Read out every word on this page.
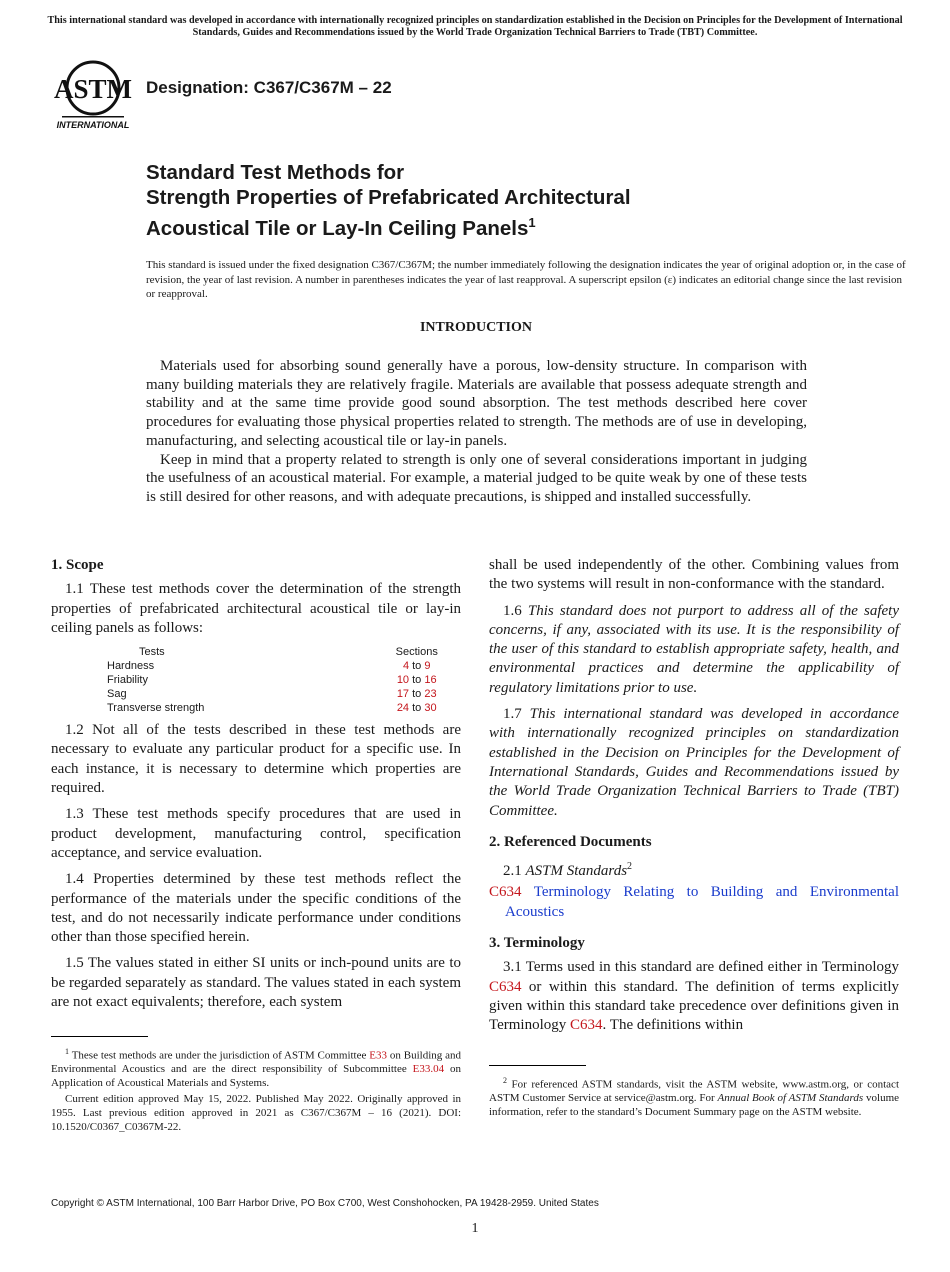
This international standard was developed in accordance with internationally recognized principles on standardization established in the Decision on Principles for the Development of International Standards, Guides and Recommendations issued by the World Trade Organization Technical Barriers to Trade (TBT) Committee.
ASTM
INTERNATIONAL
Designation: C367/C367M – 22
Standard Test Methods for
Strength Properties of Prefabricated Architectural
Acoustical Tile or Lay-In Ceiling Panels$^1$
This standard is issued under the fixed designation C367/C367M; the number immediately following the designation indicates the year of original adoption or, in the case of revision, the year of last revision. A number in parentheses indicates the year of last reapproval. A superscript epsilon (ε) indicates an editorial change since the last revision or reapproval.
INTRODUCTION

Materials used for absorbing sound generally have a porous, low-density structure. In comparison with many building materials they are relatively fragile. Materials are available that possess adequate strength and stability and at the same time provide good sound absorption. The test methods described here cover procedures for evaluating those physical properties related to strength. The methods are of use in developing, manufacturing, and selecting acoustical tile or lay-in panels.

Keep in mind that a property related to strength is only one of several considerations important in judging the usefulness of an acoustical material. For example, a material judged to be quite weak by one of these tests is still desired for other reasons, and with adequate precautions, is shipped and installed successfully.

1. Scope

1.1 These test methods cover the determination of the strength properties of prefabricated architectural acoustical tile or lay-in ceiling panels as follows:

Tests	Sections
Hardness	4 to 9
Friability	10 to 16
Sag	17 to 23
Transverse strength	24 to 30

1.2 Not all of the tests described in these test methods are necessary to evaluate any particular product for a specific use. In each instance, it is necessary to determine which properties are required.

1.3 These test methods specify procedures that are used in product development, manufacturing control, specification acceptance, and service evaluation.

1.4 Properties determined by these test methods reflect the performance of the materials under the specific conditions of the test, and do not necessarily indicate performance under conditions other than those specified herein.

1.5 The values stated in either SI units or inch-pound units are to be regarded separately as standard. The values stated in each system are not exact equivalents; therefore, each system

shall be used independently of the other. Combining values from the two systems will result in non-conformance with the standard.

1.6 This standard does not purport to address all of the safety concerns, if any, associated with its use. It is the responsibility of the user of this standard to establish appropriate safety, health, and environmental practices and determine the applicability of regulatory limitations prior to use.

1.7 This international standard was developed in accordance with internationally recognized principles on standardization established in the Decision on Principles for the Development of International Standards, Guides and Recommendations issued by the World Trade Organization Technical Barriers to Trade (TBT) Committee.

2. Referenced Documents

2.1 ASTM Standards$^2$

C634 Terminology Relating to Building and Environmental Acoustics
3. Terminology

3.1 Terms used in this standard are defined either in Terminology C634 or within this standard. The definition of terms explicitly given within this standard take precedence over definitions given in Terminology C634. The definitions within

$^1$ These test methods are under the jurisdiction of ASTM Committee E33 on Building and Environmental Acoustics and are the direct responsibility of Subcommittee E33.04 on Application of Acoustical Materials and Systems.

Current edition approved May 15, 2022. Published May 2022. Originally approved in 1955. Last previous edition approved in 2021 as C367/C367M – 16 (2021). DOI: 10.1520/C0367_C0367M-22.

$^2$ For referenced ASTM standards, visit the ASTM website, www.astm.org, or contact ASTM Customer Service at service@astm.org. For Annual Book of ASTM Standards volume information, refer to the standard’s Document Summary page on the ASTM website.

Copyright © ASTM International, 100 Barr Harbor Drive, PO Box C700, West Conshohocken, PA 19428-2959. United States
1
